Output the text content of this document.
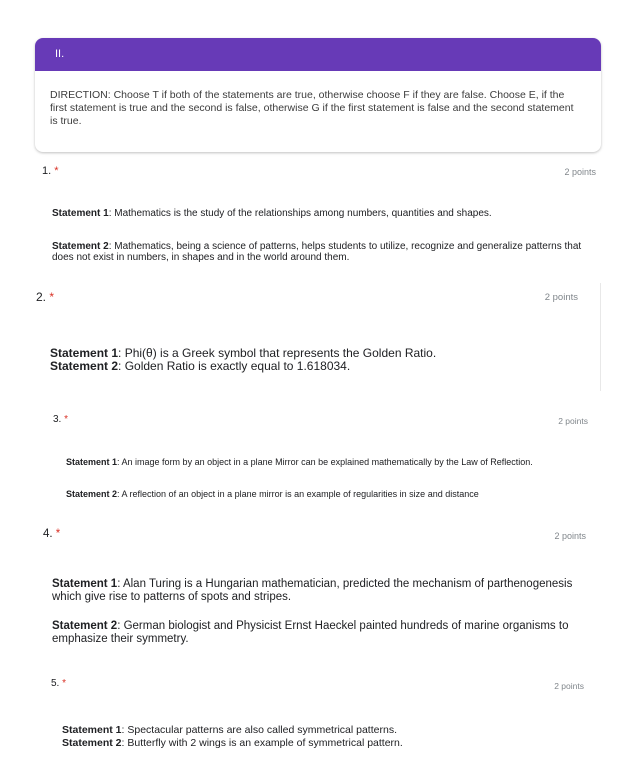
II.
DIRECTION: Choose T if both of the statements are true, otherwise choose F if they are false. Choose E, if the first statement is true and the second is false, otherwise G if the first statement is false and the second statement is true.
1. *	2 points
Statement 1: Mathematics is the study of the relationships among numbers, quantities and shapes.
Statement 2: Mathematics, being a science of patterns, helps students to utilize, recognize and generalize patterns that does not exist in numbers, in shapes and in the world around them.
2. *	2 points
Statement 1: Phi(θ) is a Greek symbol that represents the Golden Ratio.
Statement 2: Golden Ratio is exactly equal to 1.618034.
3. *	2 points
Statement 1: An image form by an object in a plane Mirror can be explained mathematically by the Law of Reflection.
Statement 2: A reflection of an object in a plane mirror is an example of regularities in size and distance
4. *	2 points
Statement 1: Alan Turing is a Hungarian mathematician, predicted the mechanism of parthenogenesis which give rise to patterns of spots and stripes.
Statement 2: German biologist and Physicist Ernst Haeckel painted hundreds of marine organisms to emphasize their symmetry.
5. *	2 points
Statement 1: Spectacular patterns are also called symmetrical patterns.
Statement 2: Butterfly with 2 wings is an example of symmetrical pattern.
